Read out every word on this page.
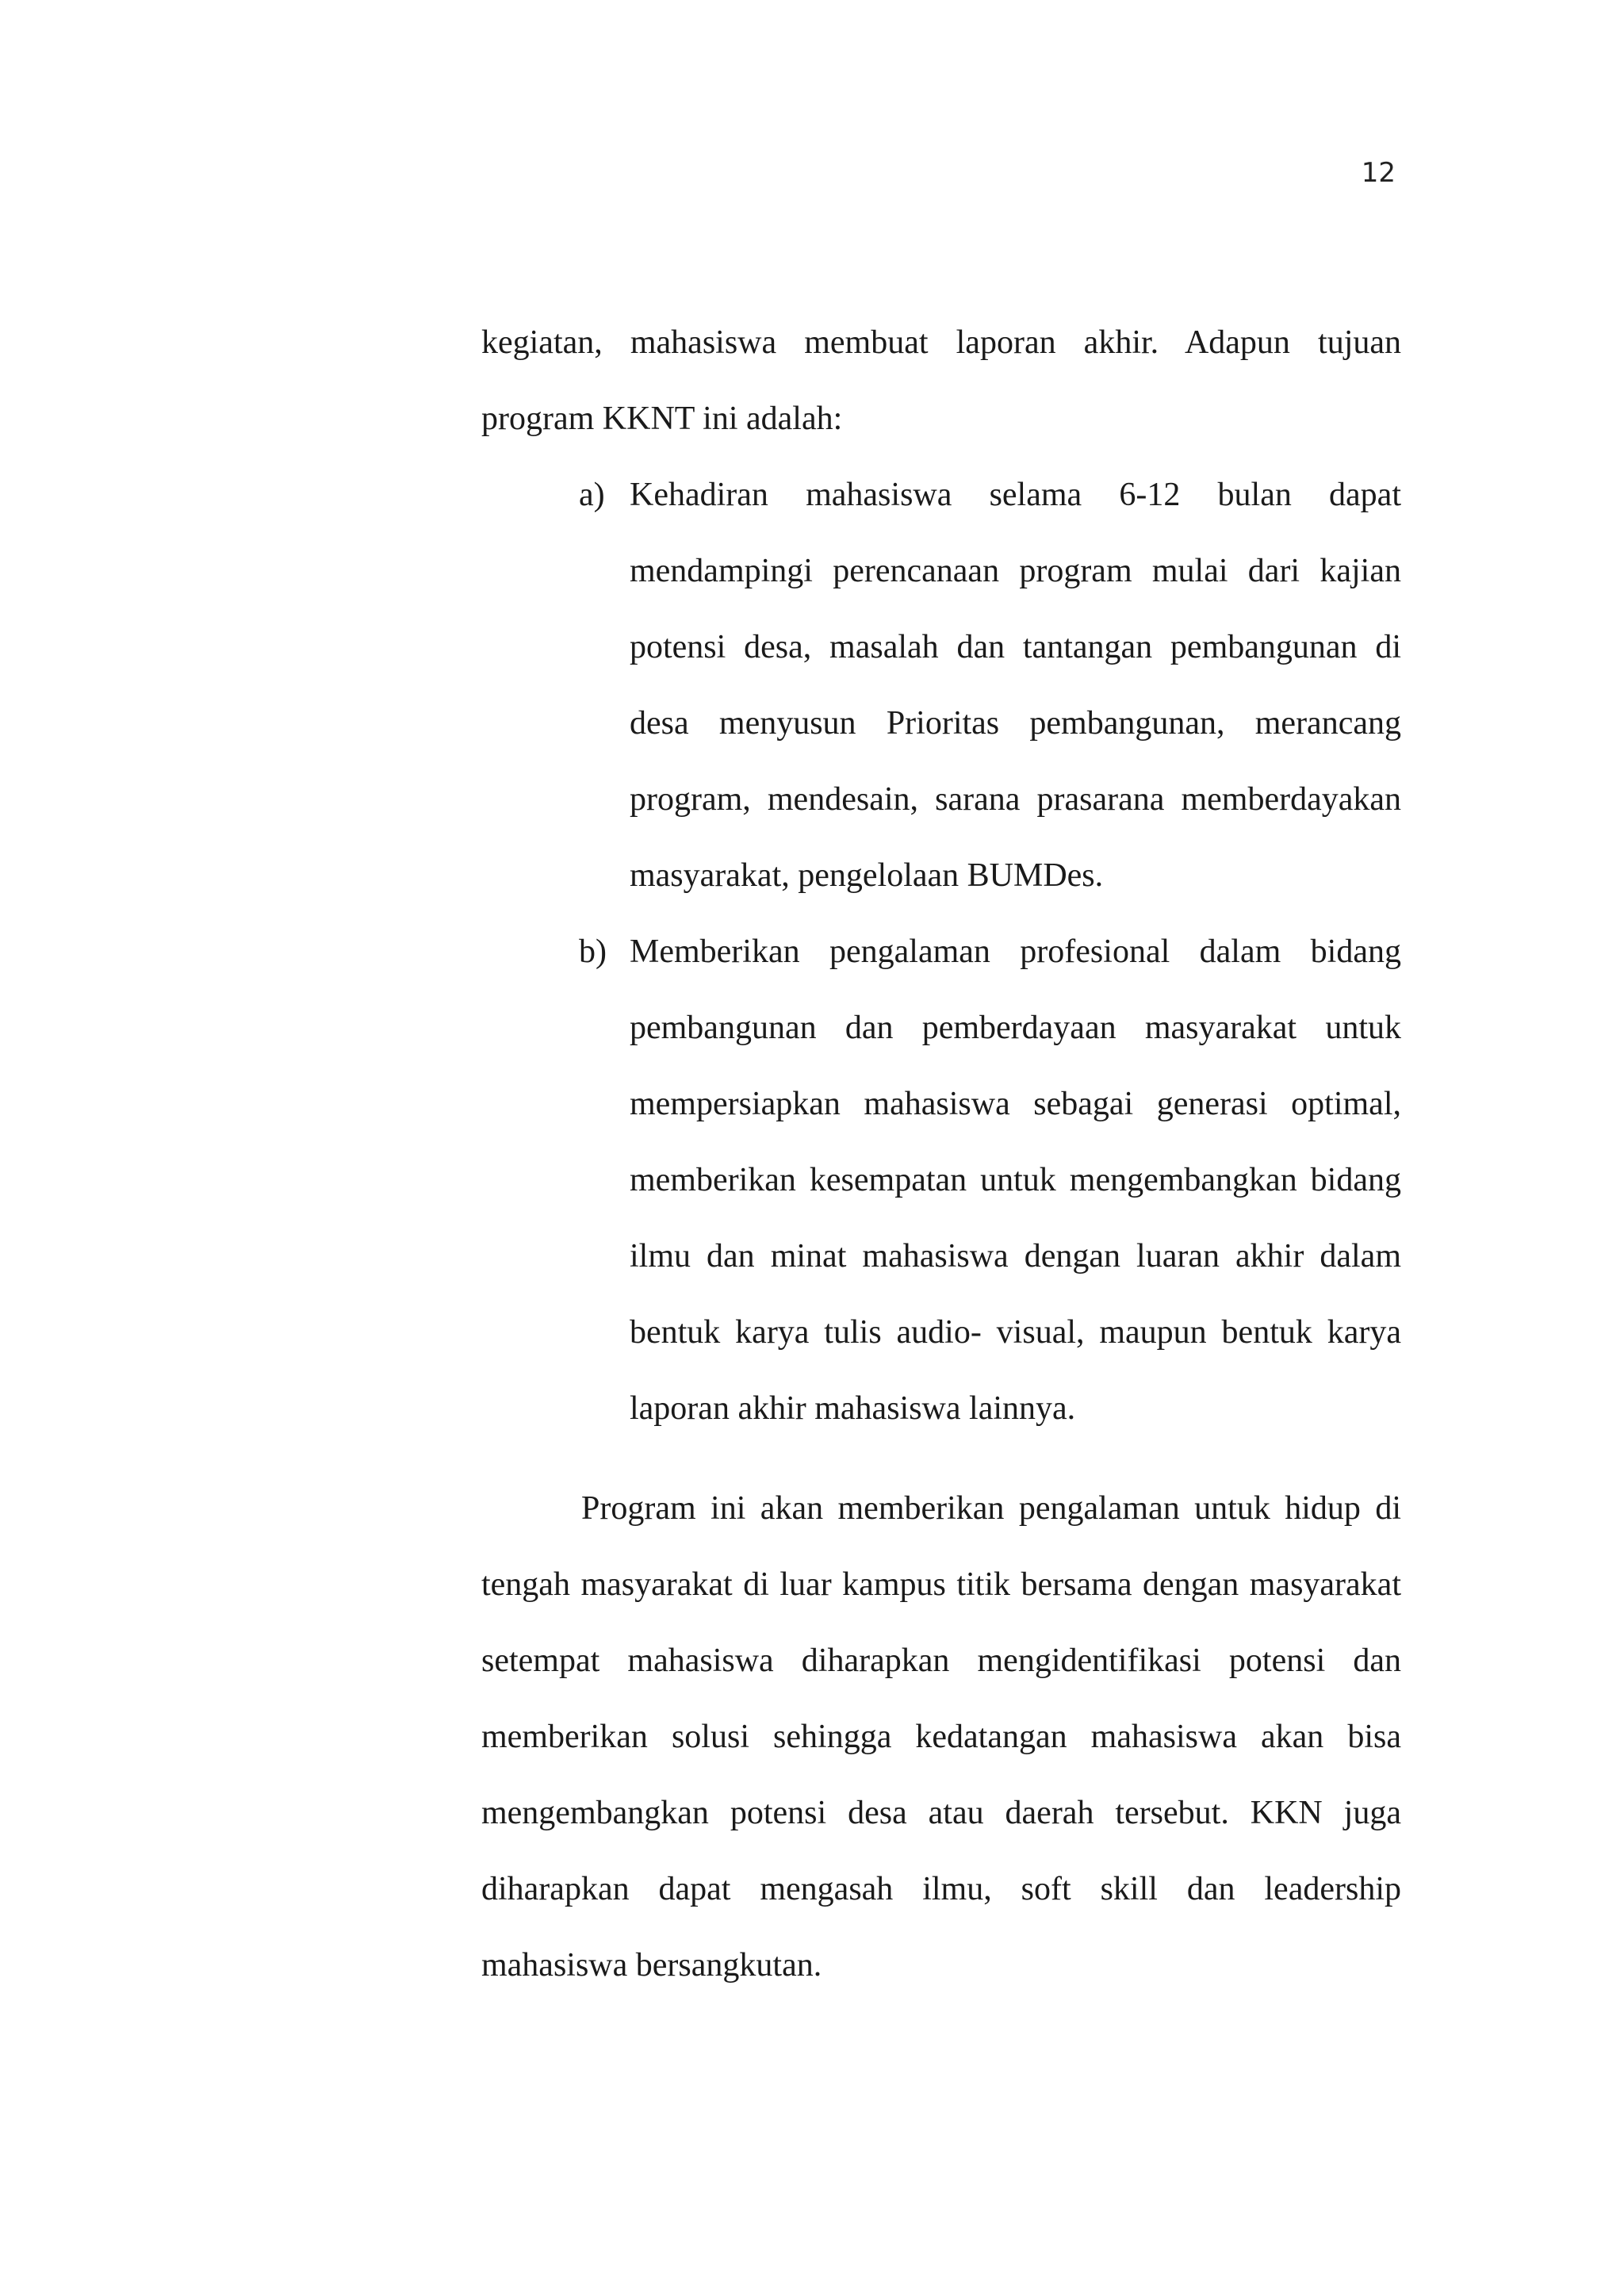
12

kegiatan, mahasiswa membuat laporan akhir. Adapun tujuan program KKNT ini adalah:

a) Kehadiran mahasiswa selama 6-12 bulan dapat mendampingi perencanaan program mulai dari kajian potensi desa, masalah dan tantangan pembangunan di desa menyusun Prioritas pembangunan, merancang program, mendesain, sarana prasarana memberdayakan masyarakat, pengelolaan BUMDes.
b) Memberikan pengalaman profesional dalam bidang pembangunan dan pemberdayaan masyarakat untuk mempersiapkan mahasiswa sebagai generasi optimal, memberikan kesempatan untuk mengembangkan bidang ilmu dan minat mahasiswa dengan luaran akhir dalam bentuk karya tulis audio- visual, maupun bentuk karya laporan akhir mahasiswa lainnya.

Program ini akan memberikan pengalaman untuk hidup di tengah masyarakat di luar kampus titik bersama dengan masyarakat setempat mahasiswa diharapkan mengidentifikasi potensi dan memberikan solusi sehingga kedatangan mahasiswa akan bisa mengembangkan potensi desa atau daerah tersebut. KKN juga diharapkan dapat mengasah ilmu, soft skill dan leadership mahasiswa bersangkutan.
